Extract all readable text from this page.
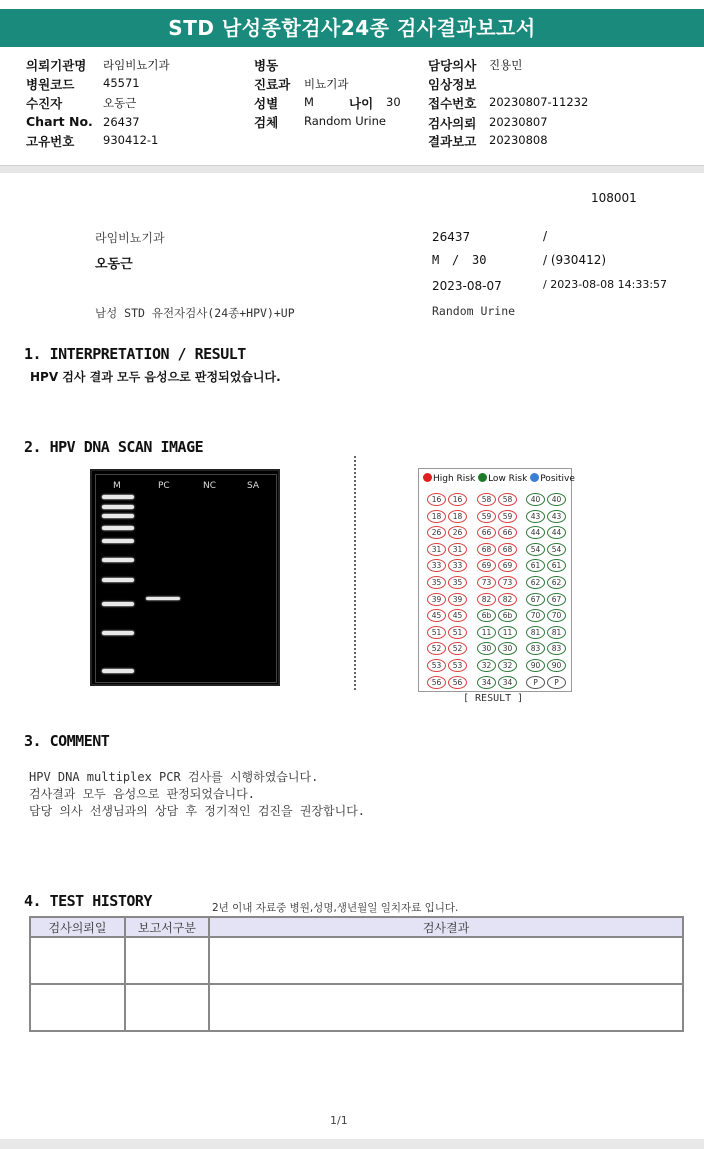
STD 남성종합검사24종 검사결과보고서
의뢰기관명 라임비뇨기과
병원코드 45571
수진자	오동근
Chart No. 26437
고유번호 930412-1
병동
진료과 비뇨기과
성별 M	나이 30
검체 Random Urine
담당의사 진용민
임상정보
접수번호 20230807-11232
검사의뢰 20230807
결과보고 20230808
108001
라임비뇨기과
오동근
남성 STD 유전자검사(24종+HPV)+UP
26437	/
M / 30	/ (930412)
2023-08-07	/ 2023-08-08 14:33:57
Random Urine
1. INTERPRETATION / RESULT
HPV 검사 결과 모두 음성으로 판정되었습니다.
2. HPV DNA SCAN IMAGE
M	PC	NC	SA
High Risk Low Risk Positive
16	16	58	58	40	40
18	18	59	59	43	43
26	26	66	66	44	44
31	31	68	68	54	54
33	33	69	69	61	61
35	35	73	73	62	62
39	39	82	82	67	67
45	45	6b	6b	70	70
51	51	11	11	81	81
52	52	30	30	83	83
53	53	32	32	90	90
56	56	34	34	P	P
[ RESULT ]
3. COMMENT
HPV DNA multiplex PCR 검사를 시행하였습니다.
검사결과 모두 음성으로 판정되었습니다.
담당 의사 선생님과의 상담 후 정기적인 검진을 권장합니다.
4. TEST HISTORY	2년 이내 자료중 병원,성명,생년월일 일치자료 입니다.
검사의뢰일	보고서구분	검사결과

1/1
